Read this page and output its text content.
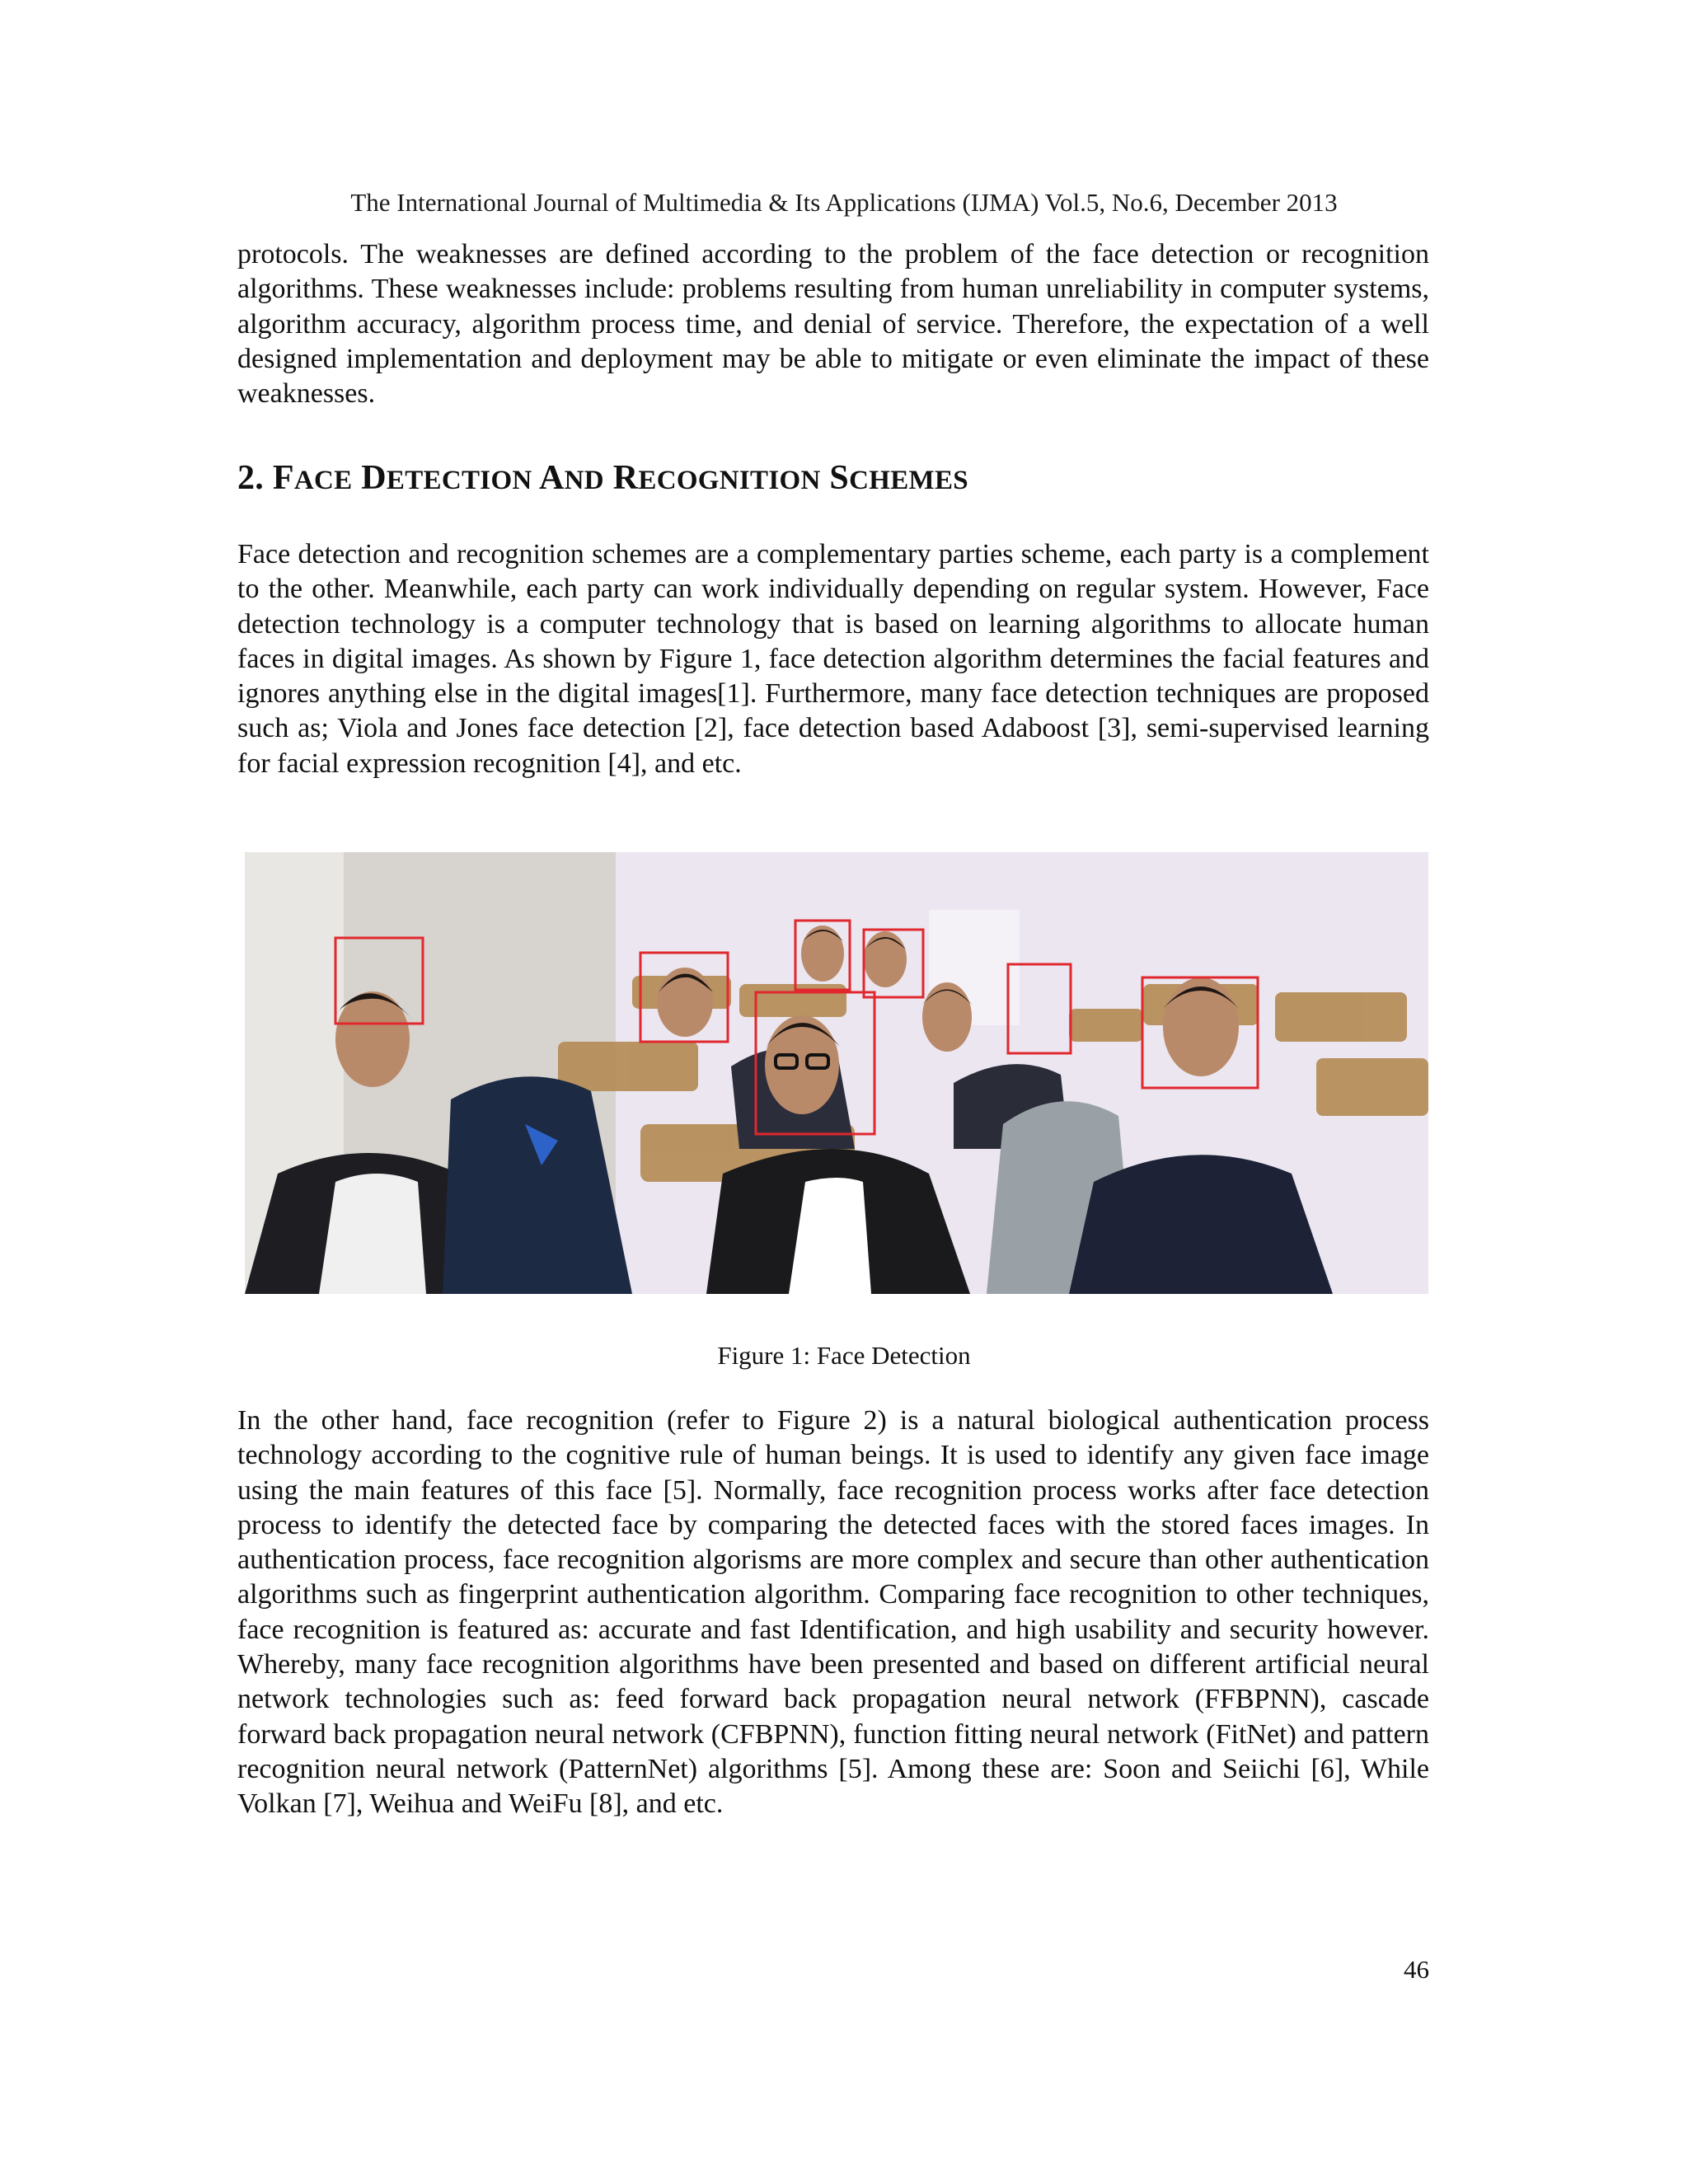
The International Journal of Multimedia & Its Applications (IJMA) Vol.5, No.6, December 2013

protocols. The weaknesses are defined according to the problem of the face detection or recognition algorithms. These weaknesses include: problems resulting from human unreliability in computer systems, algorithm accuracy, algorithm process time, and denial of service. Therefore, the expectation of a well designed implementation and deployment may be able to mitigate or even eliminate the impact of these weaknesses.

2. FACE DETECTION AND RECOGNITION SCHEMES

Face detection and recognition schemes are a complementary parties scheme, each party is a complement to the other. Meanwhile, each party can work individually depending on regular system. However, Face detection technology is a computer technology that is based on learning algorithms to allocate human faces in digital images. As shown by Figure 1, face detection algorithm determines the facial features and ignores anything else in the digital images[1]. Furthermore, many face detection techniques are proposed such as; Viola and Jones face detection [2], face detection based Adaboost [3], semi-supervised learning for facial expression recognition [4], and etc.

Figure 1: Face Detection

In the other hand, face recognition (refer to Figure 2) is a natural biological authentication process technology according to the cognitive rule of human beings. It is used to identify any given face image using the main features of this face [5]. Normally, face recognition process works after face detection process to identify the detected face by comparing the detected faces with the stored faces images. In authentication process, face recognition algorisms are more complex and secure than other authentication algorithms such as fingerprint authentication algorithm. Comparing face recognition to other techniques, face recognition is featured as: accurate and fast Identification, and high usability and security however. Whereby, many face recognition algorithms have been presented and based on different artificial neural network technologies such as: feed forward back propagation neural network (FFBPNN), cascade forward back propagation neural network (CFBPNN), function fitting neural network (FitNet) and pattern recognition neural network (PatternNet) algorithms [5]. Among these are: Soon and Seiichi [6], While Volkan [7], Weihua and WeiFu [8], and etc.

46
